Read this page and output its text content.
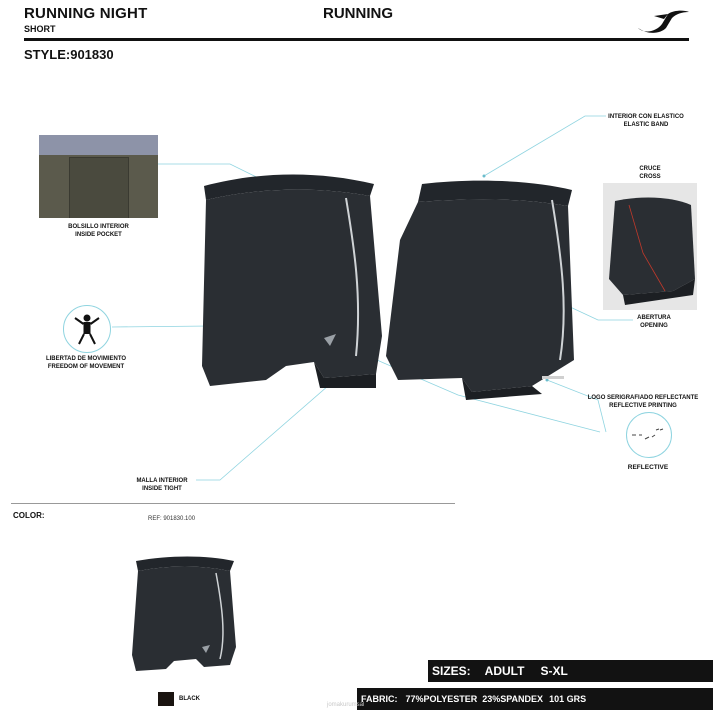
RUNNING NIGHT
SHORT
RUNNING
STYLE:901830
BOLSILLO INTERIOR
INSIDE POCKET
INTERIOR CON ELASTICO
ELASTIC BAND
CRUCE
CROSS
ABERTURA
OPENING
LIBERTAD DE MOVIMIENTO
FREEDOM OF MOVEMENT
LOGO SERIGRAFIADO REFLECTANTE
REFLECTIVE PRINTING
REFLECTIVE
MALLA INTERIOR
INSIDE TIGHT
COLOR:	REF: 901830.100
BLACK
SIZES: ADULT S-XL
FABRIC: 77%POLYESTER 23%SPANDEX 101 GRS
jomakurumsal
